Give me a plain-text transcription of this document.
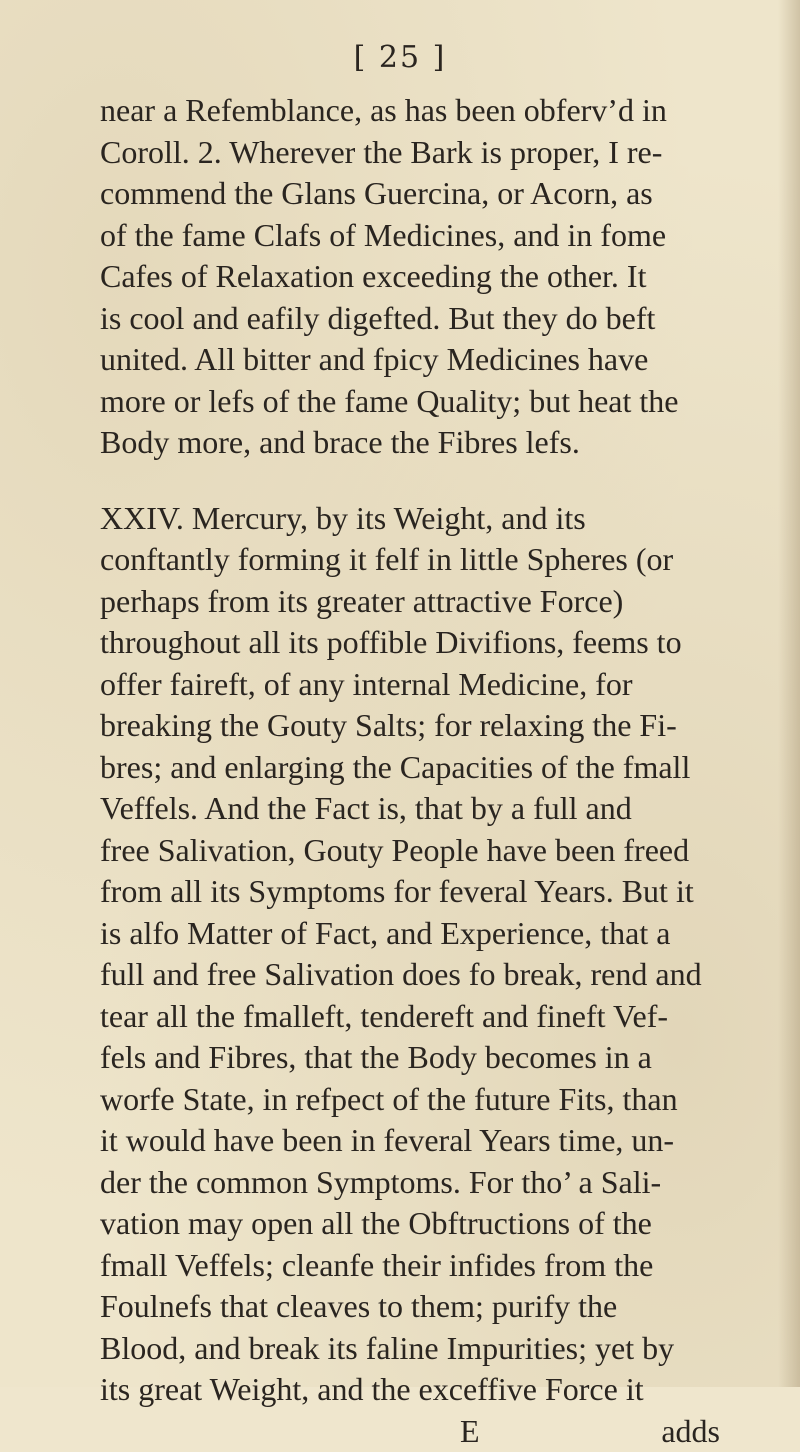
[ 25 ]
near a Refemblance, as has been obferv’d in
Coroll. 2. Wherever the Bark is proper, I re-
commend the Glans Guercina, or Acorn, as
of the fame Clafs of Medicines, and in fome
Cafes of Relaxation exceeding the other. It
is cool and eafily digefted. But they do beft
united. All bitter and fpicy Medicines have
more or lefs of the fame Quality; but heat the
Body more, and brace the Fibres lefs.
XXIV. Mercury, by its Weight, and its
conftantly forming it felf in little Spheres (or
perhaps from its greater attractive Force)
throughout all its poffible Divifions, feems to
offer faireft, of any internal Medicine, for
breaking the Gouty Salts; for relaxing the Fi-
bres; and enlarging the Capacities of the fmall
Veffels. And the Fact is, that by a full and
free Salivation, Gouty People have been freed
from all its Symptoms for feveral Years. But it
is alfo Matter of Fact, and Experience, that a
full and free Salivation does fo break, rend and
tear all the fmalleft, tendereft and fineft Vef-
fels and Fibres, that the Body becomes in a
worfe State, in refpect of the future Fits, than
it would have been in feveral Years time, un-
der the common Symptoms. For tho’ a Sali-
vation may open all the Obftructions of the
fmall Veffels; cleanfe their infides from the
Foulnefs that cleaves to them; purify the
Blood, and break its faline Impurities; yet by
its great Weight, and the exceffive Force it
E	adds
